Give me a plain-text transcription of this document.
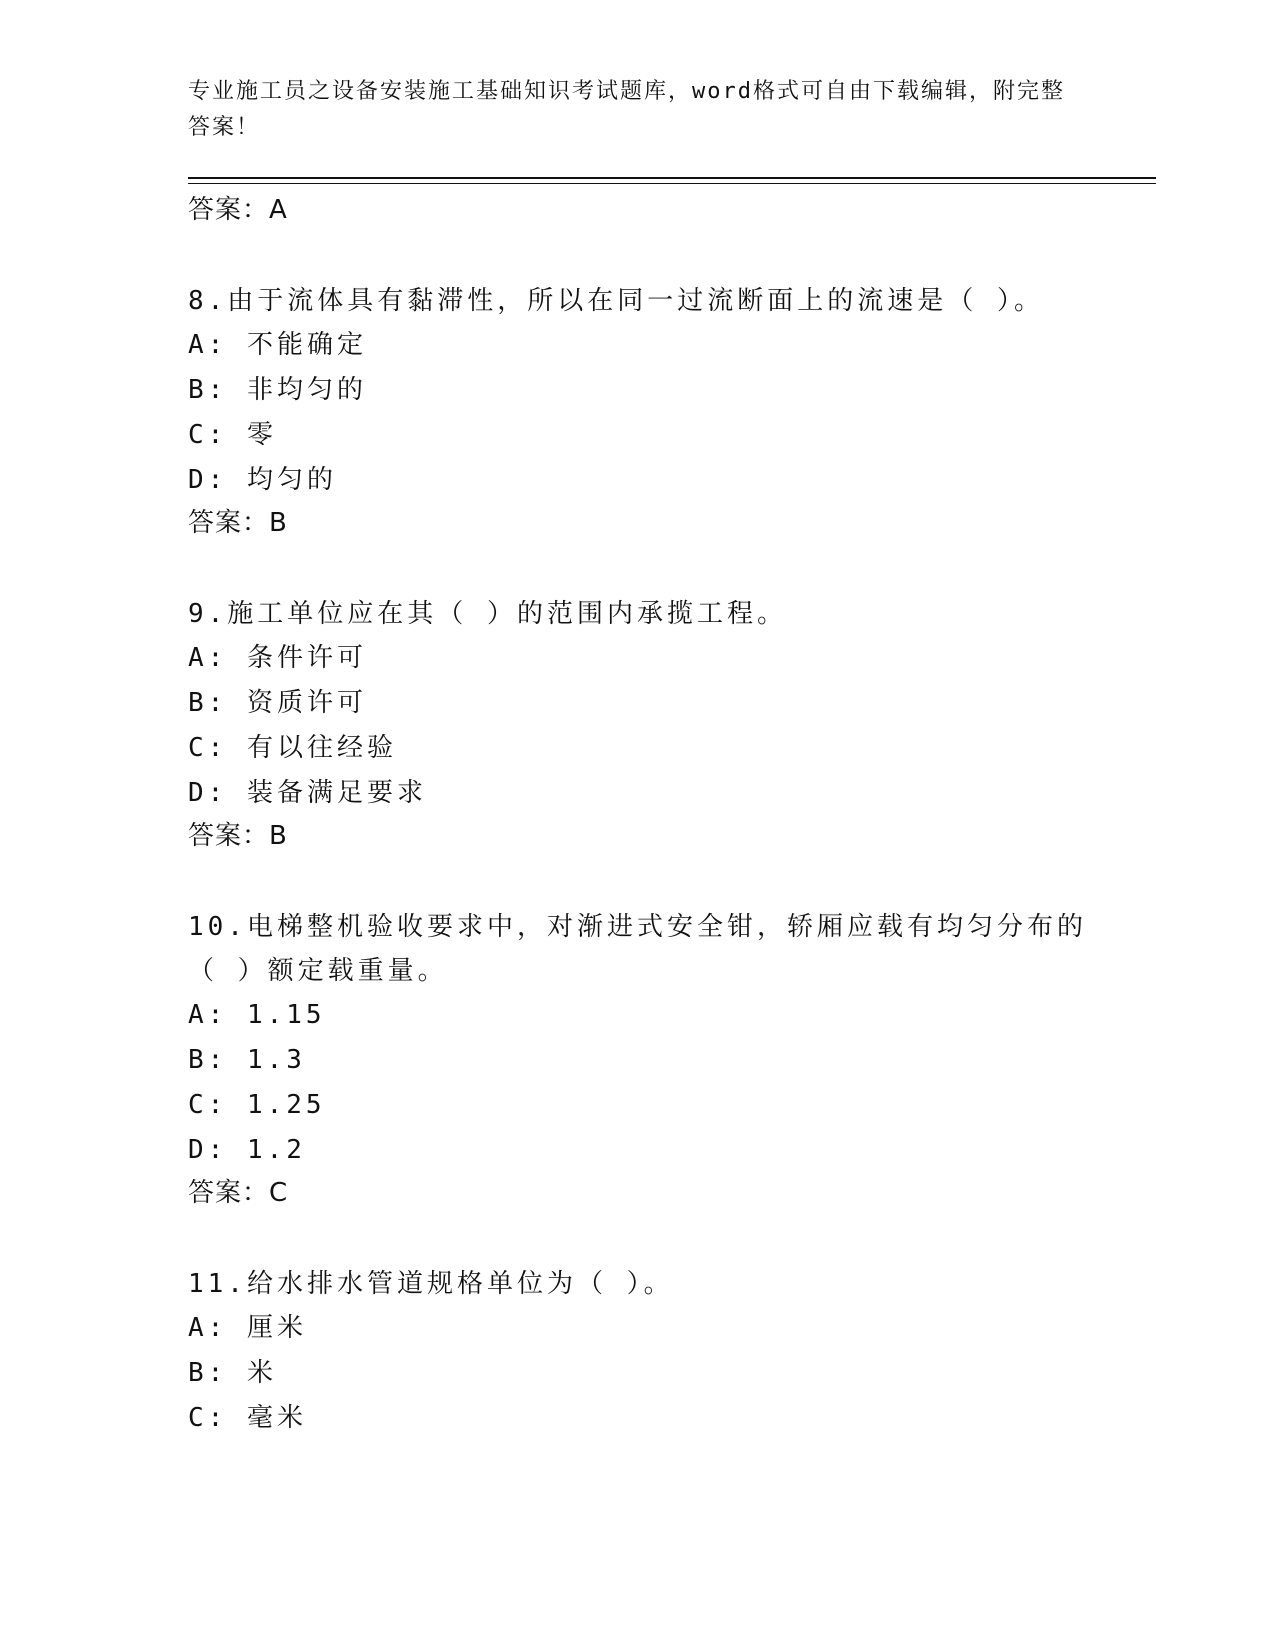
专业施工员之设备安装施工基础知识考试题库，word格式可自由下载编辑，附完整答案！
答案：A
8.由于流体具有黏滞性，所以在同一过流断面上的流速是（ ）。
A: 不能确定
B: 非均匀的
C: 零
D: 均匀的
答案：B
9.施工单位应在其（ ）的范围内承揽工程。
A: 条件许可
B: 资质许可
C: 有以往经验
D: 装备满足要求
答案：B
10.电梯整机验收要求中，对渐进式安全钳，轿厢应载有均匀分布的（ ）额定载重量。
A: 1.15
B: 1.3
C: 1.25
D: 1.2
答案：C
11.给水排水管道规格单位为（ ）。
A: 厘米
B: 米
C: 毫米
